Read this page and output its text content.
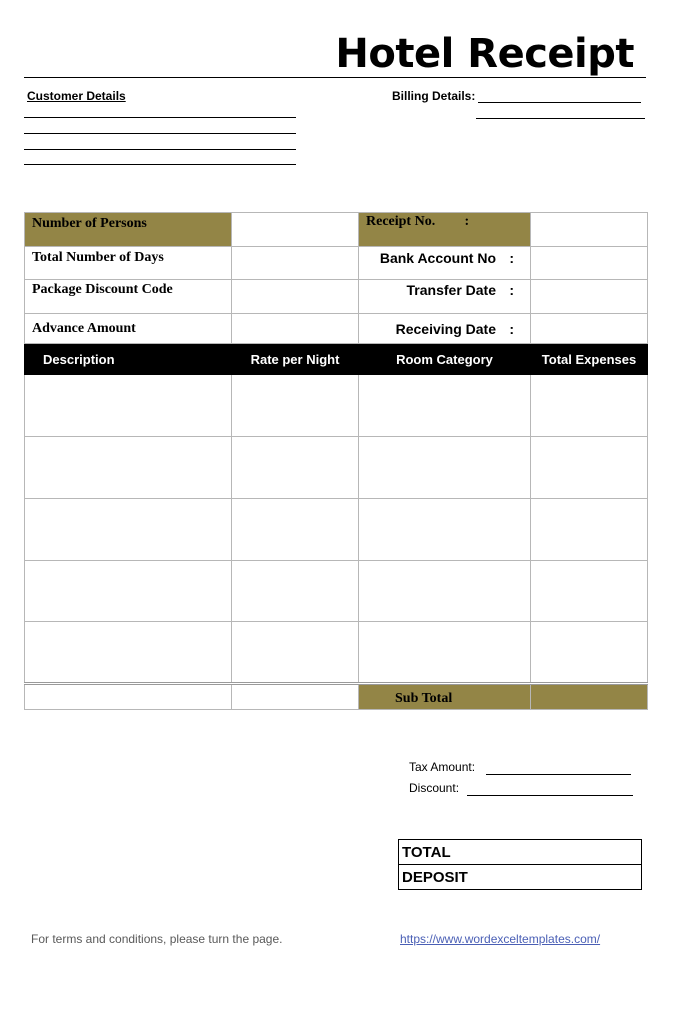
Hotel Receipt
Customer Details	Billing Details:
Number of Persons		Receipt No. :	
Total Number of Days		Bank Account No :	
Package Discount Code		Transfer Date :	
Advance Amount		Receiving Date :	
Description	Rate per Night	Room Category	Total Expenses

		Sub Total	
Tax Amount:
Discount:
TOTAL
DEPOSIT
For terms and conditions, please turn the page.	https://www.wordexceltemplates.com/
